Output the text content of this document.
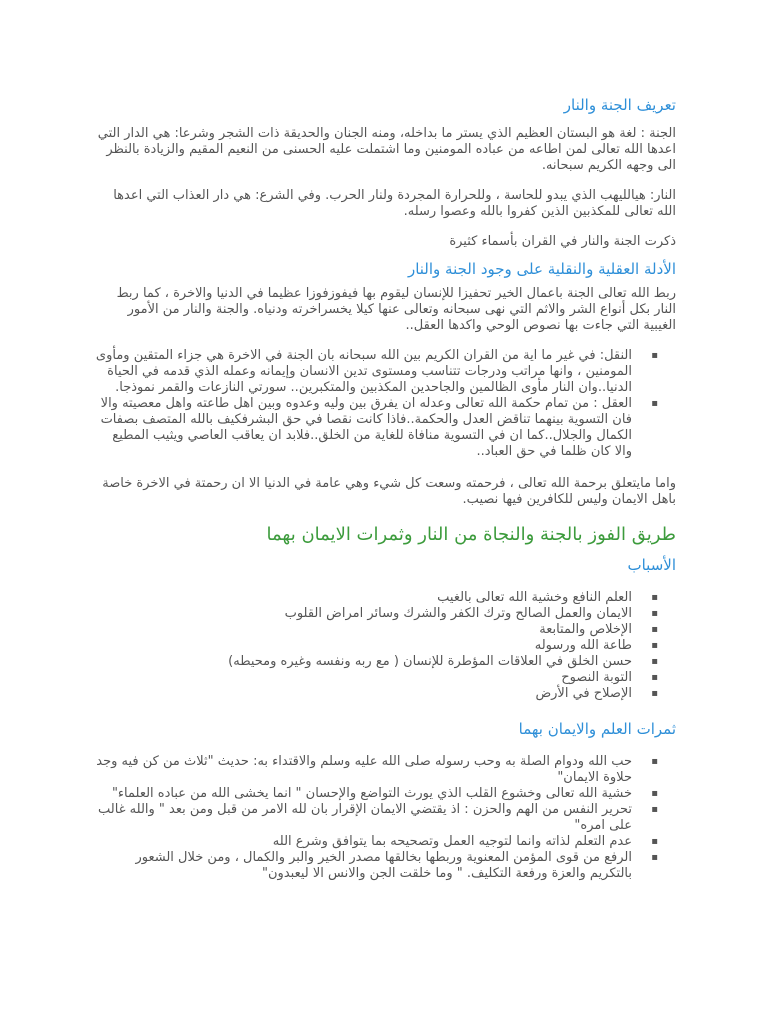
تعريف الجنة والنار

الجنة : لغة هو البستان العظيم الذي يستر ما بداخله، ومنه الجنان والحديقة ذات الشجر وشرعا: هي الدار التي اعدها الله تعالى لمن اطاعه من عباده المومنين وما اشتملت عليه الحسنى من النعيم المقيم والزيادة بالنظر الى وجهه الكريم سبحانه.

النار: هيالليهب الذي يبدو للحاسة ، وللحرارة المجردة ولنار الحرب. وفي الشرع: هي دار العذاب التي اعدها الله تعالى للمكذبين الذين كفروا بالله وعصوا رسله.

ذكرت الجنة والنار في القران بأسماء كثيرة

الأدلة العقلية والنقلية على وجود الجنة والنار

ربط الله تعالى الجنة باعمال الخير تحفيزا للإنسان ليقوم بها فيفوزفوزا عظيما في الدنيا والاخرة ، كما ربط النار بكل أنواع الشر والاثم التي نهى سبحانه وتعالى عنها كيلا يخسراخرته ودنياه. والجنة والنار من الأمور الغيبية التي جاءت بها نصوص الوحي واكدها العقل..

▪ النقل: في غير ما اية من القران الكريم بين الله سبحانه بان الجنة في الاخرة هي جزاء المتقين ومأوى المومنين ، وانها مراتب ودرجات تتناسب ومستوى تدين الانسان وإيمانه وعمله الذي قدمه في الحياة الدنيا..وان النار مأوى الظالمين والجاحدين المكذبين والمتكبرين.. سورتي النازعات والقمر نموذجا.
▪ العقل : من تمام حكمة الله تعالى وعدله ان يفرق بين وليه وعدوه وبين اهل طاعته واهل معصيته والا فان التسوية بينهما تناقض العدل والحكمة..فاذا كانت نقصا في حق البشرفكيف بالله المتصف بصفات الكمال والجلال..كما ان في التسوية منافاة للغاية من الخلق..فلابد ان يعاقب العاصي ويثيب المطيع والا كان ظلما في حق العباد..

واما مايتعلق برحمة الله تعالى ، فرحمته وسعت كل شيء وهي عامة في الدنيا الا ان رحمتة في الاخرة خاصة باهل الايمان وليس للكافرين فيها نصيب.

طريق الفوز بالجنة والنجاة من النار وثمرات الايمان بهما
الأسباب
▪ العلم النافع وخشية الله تعالى بالغيب
▪ الايمان والعمل الصالح وترك الكفر والشرك وسائر امراض القلوب
▪ الإخلاص والمتابعة
▪ طاعة الله ورسوله
▪ حسن الخلق في العلاقات المؤطرة للإنسان ( مع ربه ونفسه وغيره ومحيطه)
▪ التوبة النصوح
▪ الإصلاح في الأرض
ثمرات العلم والايمان بهما
▪ حب الله ودوام الصلة به وحب رسوله صلى الله عليه وسلم والاقتداء به: حديث "ثلاث من كن فيه وجد حلاوة الايمان"
▪ خشية الله تعالى وخشوع القلب الذي يورث التواضع والإحسان " انما يخشى الله من عباده العلماء"
▪ تحرير النفس من الهم والحزن : اذ يقتضي الايمان الإقرار بان لله الامر من قبل ومن بعد " والله غالب على امره"
▪ عدم التعلم لذاته وانما لتوجيه العمل وتصحيحه بما يتوافق وشرع الله
▪ الرفع من قوى المؤمن المعنوية وربطها بخالقها مصدر الخير والبر والكمال ، ومن خلال الشعور بالتكريم والعزة ورفعة التكليف. " وما خلقت الجن والانس الا ليعبدون"
